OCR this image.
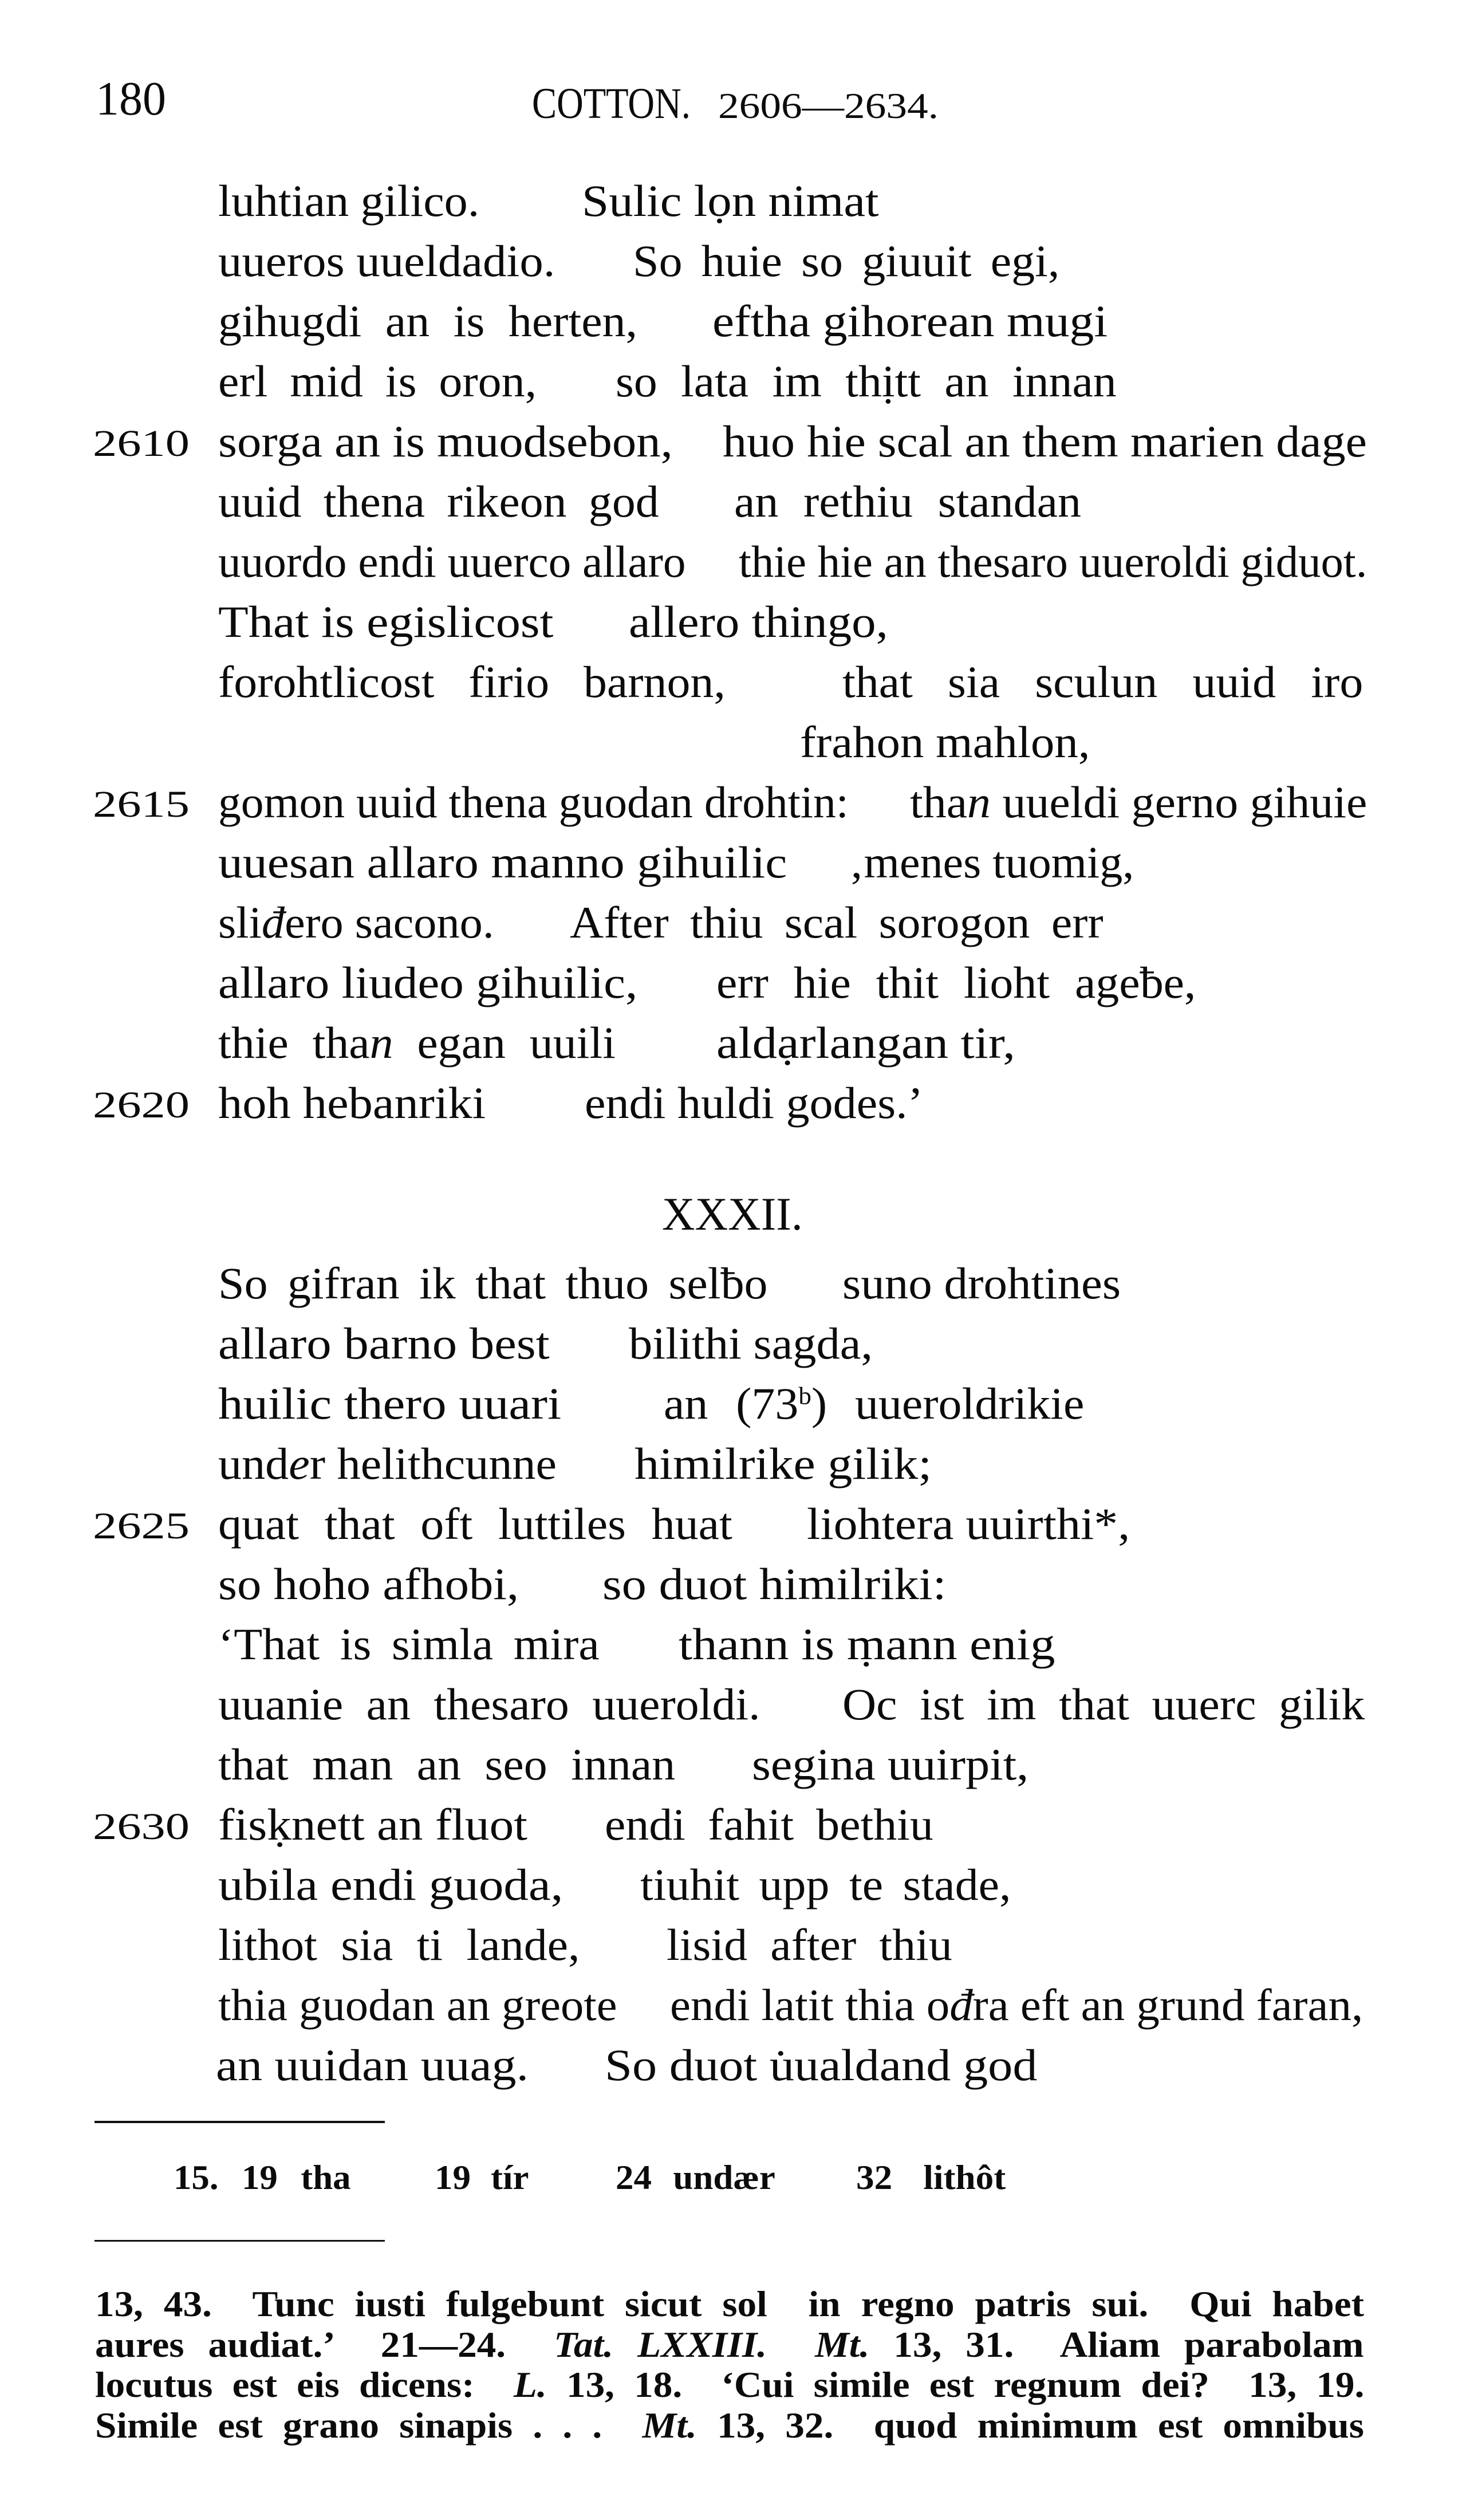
180	COTTON. 2606—2634.
luhtian gilico. Sulic lọn nimat
uueros uueldadio. So huie so giuuit egi,
gihugdi an is herten, eftha gihorean mugi
erl mid is oron, so lata im thịtt an innan
2610 sorga an is muodsebon, huo hie scal an them marien dage
uuid thena rikeon god an rethiu standan
uuordo endi uuerco allaro thie hie an thesaro uueroldi giduot.
That is egislicost allero thingo,
forohtlicost firio barnon,	that sia sculun uuid iro
frahon mahlon,
2615 gomon uuid thena guodan drohtin: than uueldi gerno gihuie
uuesan allaro manno gihuilic ‚menes tuomig,
sliđero sacono. After thiu scal sorogon err
allaro liudeo gihuilic, err hie thit lioht ageƀe,
thie than egan uuili aldạrlangan tir,
2620 hoh hebanriki endi huldi godes.’
XXXII.
So gifran ik that thuo selƀo suno drohtines
allaro barno best bilithi sagda,
huilic thero uuari an (73$^b$) uueroldrikie
under helithcunne himilrike gilik;
2625 quat that oft luttiles huat liohtera uuirthi*,
so hoho afhobi, so duot himilriki:
‘That is simla mira thann is ṃann enig
uuanie an thesaro uueroldi. Oc ist im that uuerc gilik
that man an seo innan segina uuirpit,
2630 fisḳnett an fluot endi fahit bethiu
ubila endi guoda, tiuhit upp te stade,
lithot sia ti lande, lisid after thiu
thia guodan an greote endi latit thia ođra eft an grund faran,
an uuidan uuag. So duot u̇ualdand god
15. 19 tha 19 tír	24 undær 32 lithôt
13, 43.  Tunc iusti fulgebunt sicut sol  in regno patris sui.  Qui habet
aures audiat.’  21—24.  Tat. LXXIII. Mt. 13, 31.  Aliam parabolam
locutus est eis dicens:  L. 13, 18.  ‘Cui simile est regnum dei?  13, 19.
Simile est grano sinapis . . .  Mt. 13, 32.  quod minimum est omnibus
